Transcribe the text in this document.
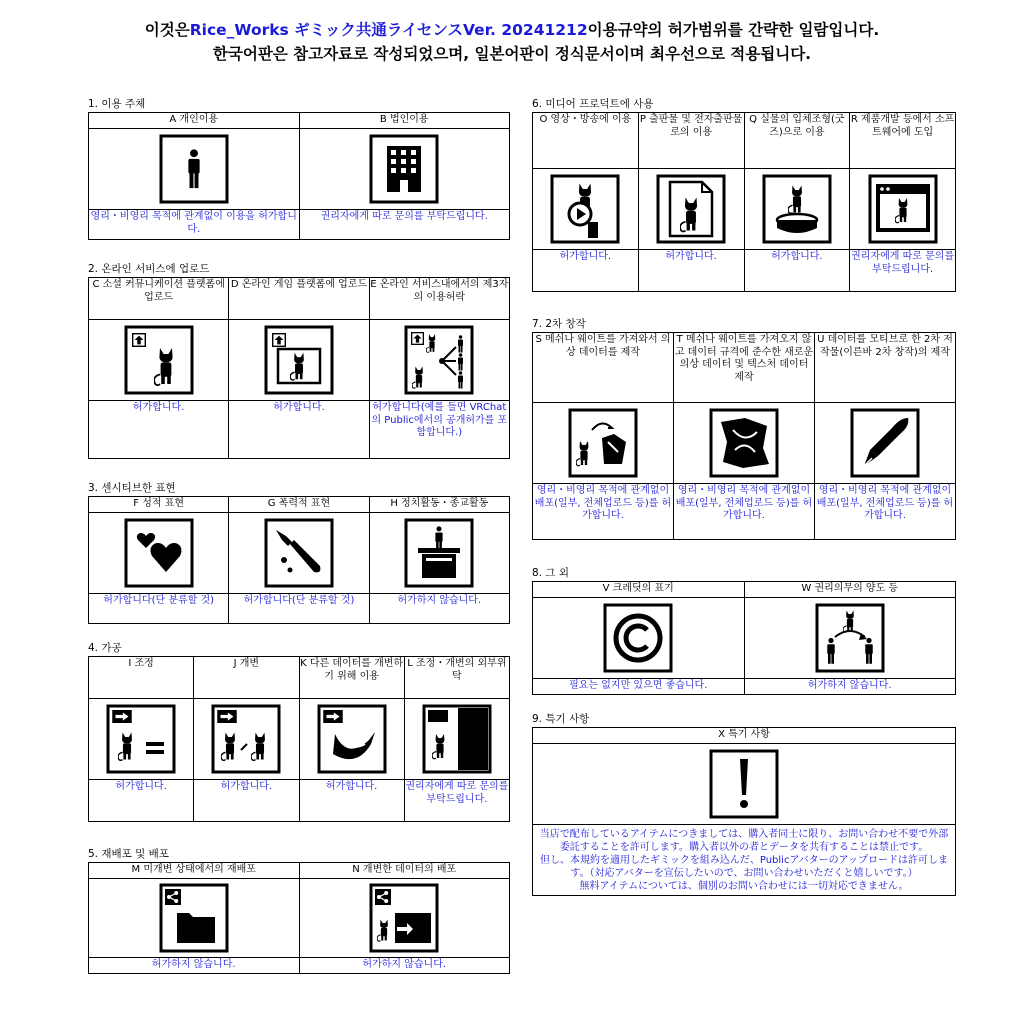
이것은Rice_Works ギミック共通ライセンスVer. 20241212이용규약의 허가범위를 간략한 일람입니다.
한국어판은 참고자료로 작성되었으며, 일본어판이 정식문서이며 최우선으로 적용됩니다.
1. 이용 주체
A 개인이용	B 법인이용

영리・비영리 목적에 관계없이 이용을 허가합니다.	권리자에게 따로 문의를 부탁드립니다.
2. 온라인 서비스에 업로드
C 소셜 커뮤니케이션 플랫폼에 업로드	D 온라인 게임 플랫폼에 업로드	E 온라인 서비스내에서의 제3자의 이용허락

허가합니다.	허가합니다.	허가합니다(예를 들면 VRChat의 Public에서의 공개허가를 포함합니다.)
3. 센시티브한 표현
F 성적 표현	G 폭력적 표현	H 정치활동・종교활동

허가합니다(단 분류할 것)	허가합니다(단 분류할 것)	허가하지 않습니다.
4. 가공
I 조정	J 개변	K 다른 데이터를 개변하기 위해 이용	L 조정・개변의 외부위탁

허가합니다.	허가합니다.	허가합니다.	권리자에게 따로 문의를 부탁드립니다.
5. 재배포 및 배포
M 미개변 상태에서의 재배포	N 개변한 데이터의 배포

허가하지 않습니다.	허가하지 않습니다.
6. 미디어 프로덕트에 사용
O 영상・방송에 이용	P 출판물 및 전자출판물로의 이용	Q 실물의 입체조형(굿즈)으로 이용	R 제품개발 등에서 소프트웨어에 도입

허가합니다.	허가합니다.	허가합니다.	권리자에게 따로 문의를 부탁드립니다.
7. 2차 창작
S 메쉬나 웨이트를 가져와서 의상 데이터를 제작	T 메쉬나 웨이트를 가져오지 않고 데이터 규격에 준수한 새로운 의상 데이터 및 텍스처 데이터 제작	U 데이터를 모티브로 한 2차 저작물(이른바 2차 창작)의 제작

영리・비영리 목적에 관계없이 배포(일부, 전체업로드 등)를 허가합니다.	영리・비영리 목적에 관계없이 배포(일부, 전체업로드 등)를 허가합니다.	영리・비영리 목적에 관계없이 배포(일부, 전체업로드 등)를 허가합니다.
8. 그 외
V 크레딧의 표기	W 권리의무의 양도 등

필요는 없지만 있으면 좋습니다.	허가하지 않습니다.
9. 특기 사항
X 특기 사항

当店で配布しているアイテムにつきましては、購入者同士に限り、お問い合わせ不要で外部委託することを許可します。購入者以外の者とデータを共有することは禁止です。
但し、本規約を適用したギミックを組み込んだ、Publicアバターのアップロードは許可します。（対応アバターを宣伝したいので、お問い合わせいただくと嬉しいです。）
無料アイテムについては、個別のお問い合わせには一切対応できません。
